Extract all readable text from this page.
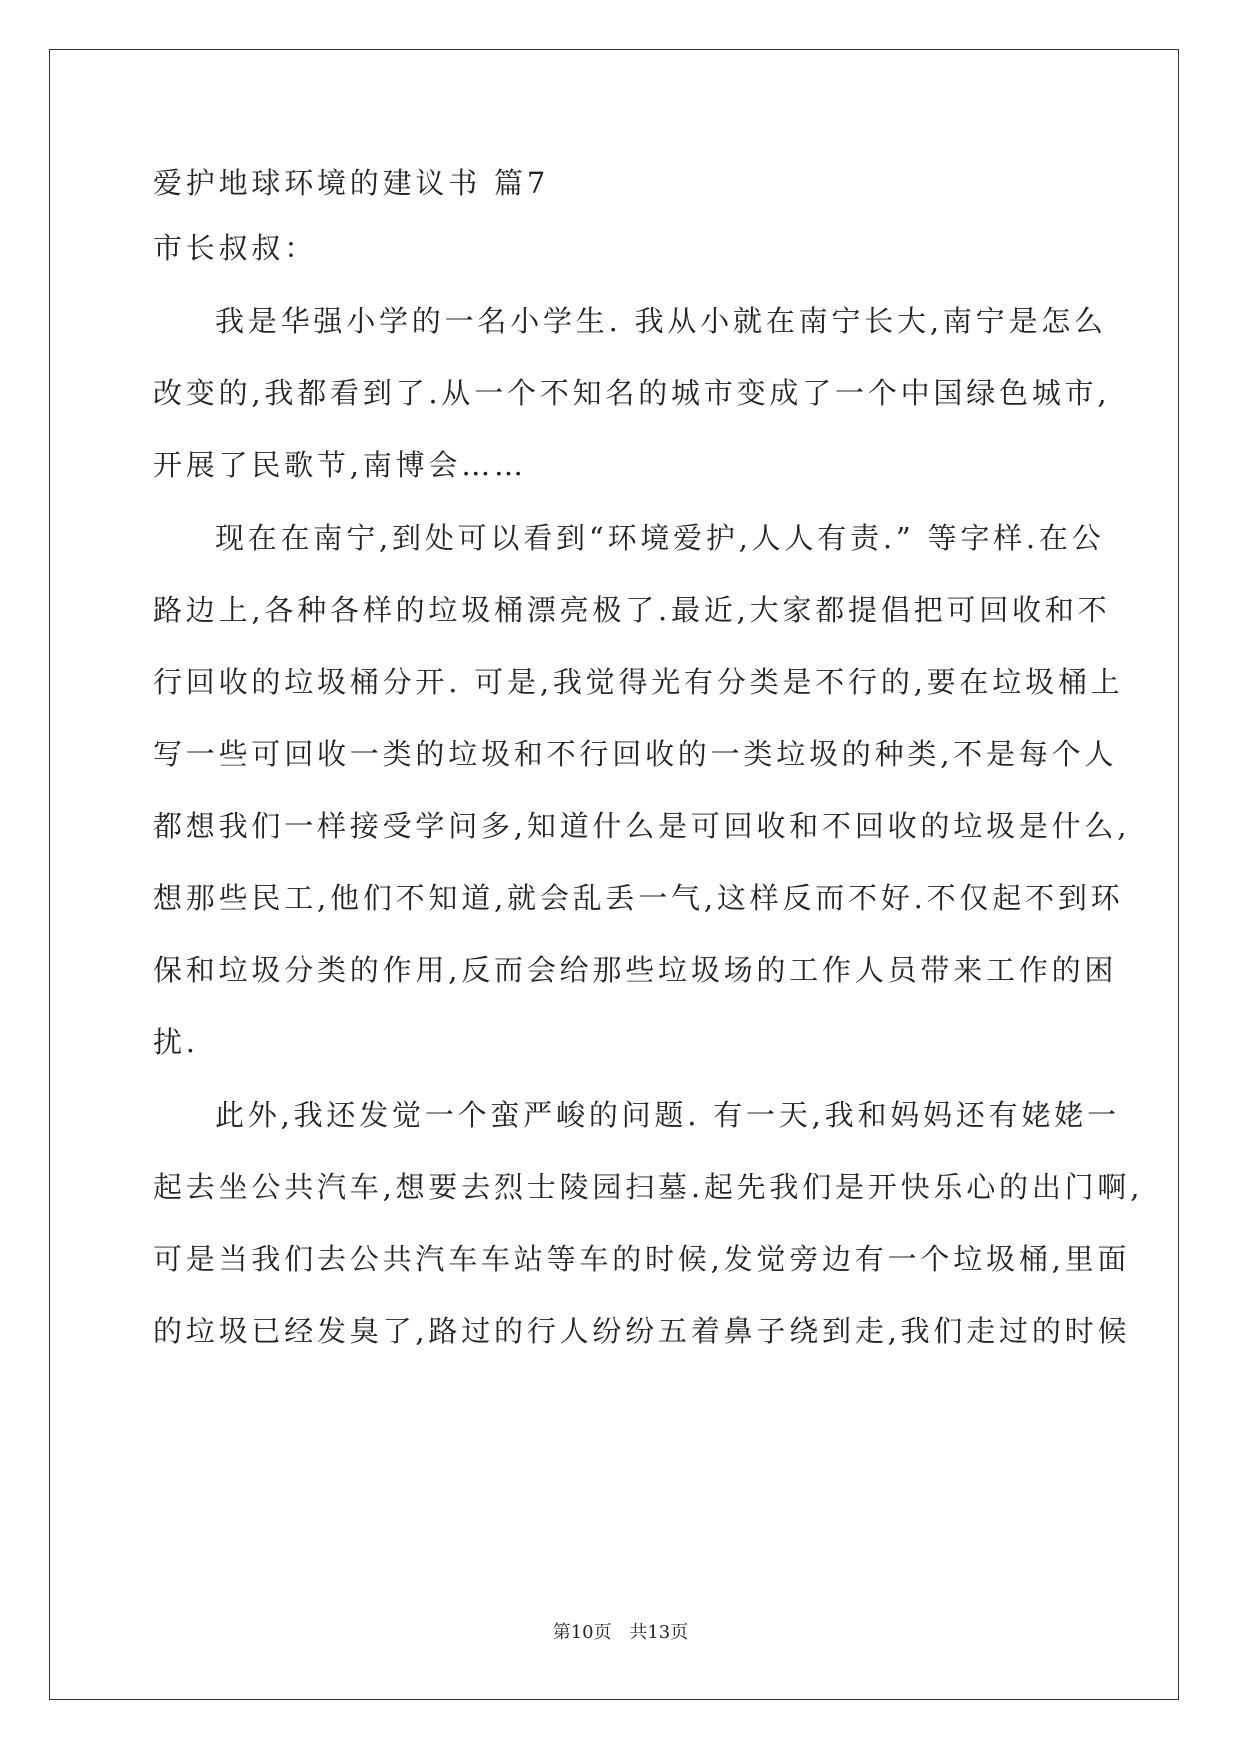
爱护地球环境的建议书 篇7
市长叔叔：
我是华强小学的一名小学生. 我从小就在南宁长大,南宁是怎么
改变的,我都看到了.从一个不知名的城市变成了一个中国绿色城市,
开展了民歌节,南博会……
现在在南宁,到处可以看到“环境爱护,人人有责.” 等字样.在公
路边上,各种各样的垃圾桶漂亮极了.最近,大家都提倡把可回收和不
行回收的垃圾桶分开. 可是,我觉得光有分类是不行的,要在垃圾桶上
写一些可回收一类的垃圾和不行回收的一类垃圾的种类,不是每个人
都想我们一样接受学问多,知道什么是可回收和不回收的垃圾是什么,
想那些民工,他们不知道,就会乱丢一气,这样反而不好.不仅起不到环
保和垃圾分类的作用,反而会给那些垃圾场的工作人员带来工作的困
扰.
此外,我还发觉一个蛮严峻的问题. 有一天,我和妈妈还有姥姥一
起去坐公共汽车,想要去烈士陵园扫墓.起先我们是开快乐心的出门啊,
可是当我们去公共汽车车站等车的时候,发觉旁边有一个垃圾桶,里面
的垃圾已经发臭了,路过的行人纷纷五着鼻子绕到走,我们走过的时候
第10页 共13页
